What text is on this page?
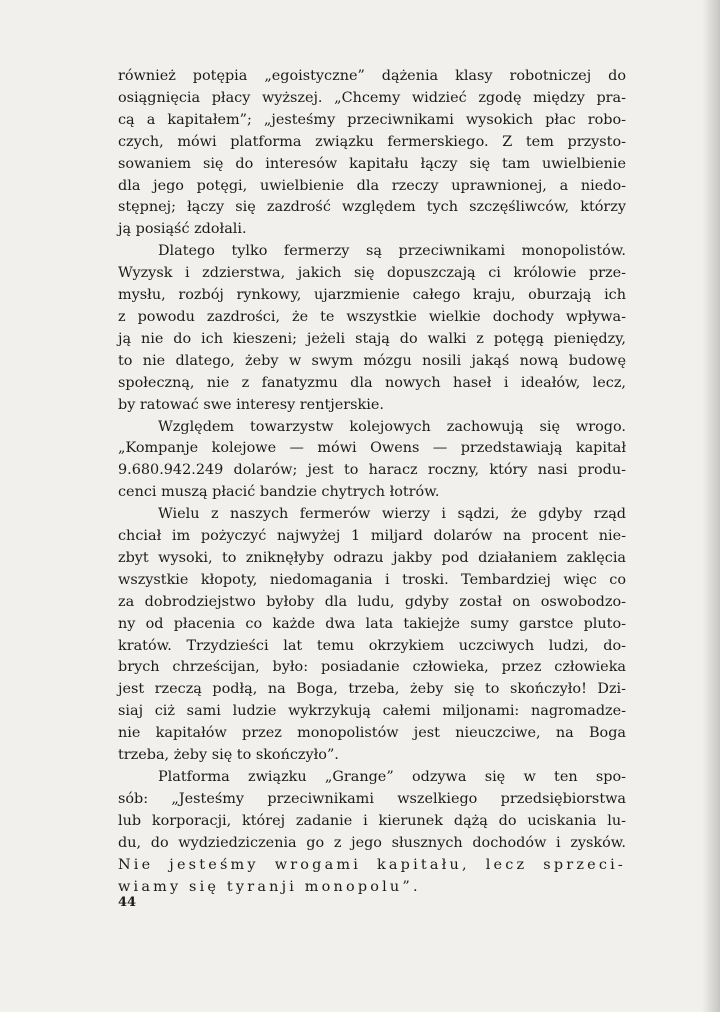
również potępia „egoistyczne” dążenia klasy robotniczej do
osiągnięcia płacy wyższej. „Chcemy widzieć zgodę między pra-
cą a kapitałem”; „jesteśmy przeciwnikami wysokich płac robo-
czych, mówi platforma związku fermerskiego. Z tem przysto-
sowaniem się do interesów kapitału łączy się tam uwielbienie
dla jego potęgi, uwielbienie dla rzeczy uprawnionej, a niedo-
stępnej; łączy się zazdrość względem tych szczęśliwców, którzy
ją posiąść zdołali.
Dlatego tylko fermerzy są przeciwnikami monopolistów.
Wyzysk i zdzierstwa, jakich się dopuszczają ci królowie prze-
mysłu, rozbój rynkowy, ujarzmienie całego kraju, oburzają ich
z powodu zazdrości, że te wszystkie wielkie dochody wpływa-
ją nie do ich kieszeni; jeżeli stają do walki z potęgą pieniędzy,
to nie dlatego, żeby w swym mózgu nosili jakąś nową budowę
społeczną, nie z fanatyzmu dla nowych haseł i ideałów, lecz,
by ratować swe interesy rentjerskie.
Względem towarzystw kolejowych zachowują się wrogo.
„Kompanje kolejowe — mówi Owens — przedstawiają kapitał
9.680.942.249 dolarów; jest to haracz roczny, który nasi produ-
cenci muszą płacić bandzie chytrych łotrów.
Wielu z naszych fermerów wierzy i sądzi, że gdyby rząd
chciał im pożyczyć najwyżej 1 miljard dolarów na procent nie-
zbyt wysoki, to zniknęłyby odrazu jakby pod działaniem zaklęcia
wszystkie kłopoty, niedomagania i troski. Tembardziej więc co
za dobrodziejstwo byłoby dla ludu, gdyby został on oswobodzo-
ny od płacenia co każde dwa lata takiejże sumy garstce pluto-
kratów. Trzydzieści lat temu okrzykiem uczciwych ludzi, do-
brych chrześcijan, było: posiadanie człowieka, przez człowieka
jest rzeczą podłą, na Boga, trzeba, żeby się to skończyło! Dzi-
siaj ciż sami ludzie wykrzykują całemi miljonami: nagromadze-
nie kapitałów przez monopolistów jest nieuczciwe, na Boga
trzeba, żeby się to skończyło”.
Platforma związku „Grange” odzywa się w ten spo-
sób: „Jesteśmy przeciwnikami wszelkiego przedsiębiorstwa
lub korporacji, której zadanie i kierunek dążą do uciskania lu-
du, do wydziedziczenia go z jego słusznych dochodów i zysków.
Nie jesteśmy wrogami kapitału, lecz sprzeci-
wiamy się tyranji monopolu”.
44
